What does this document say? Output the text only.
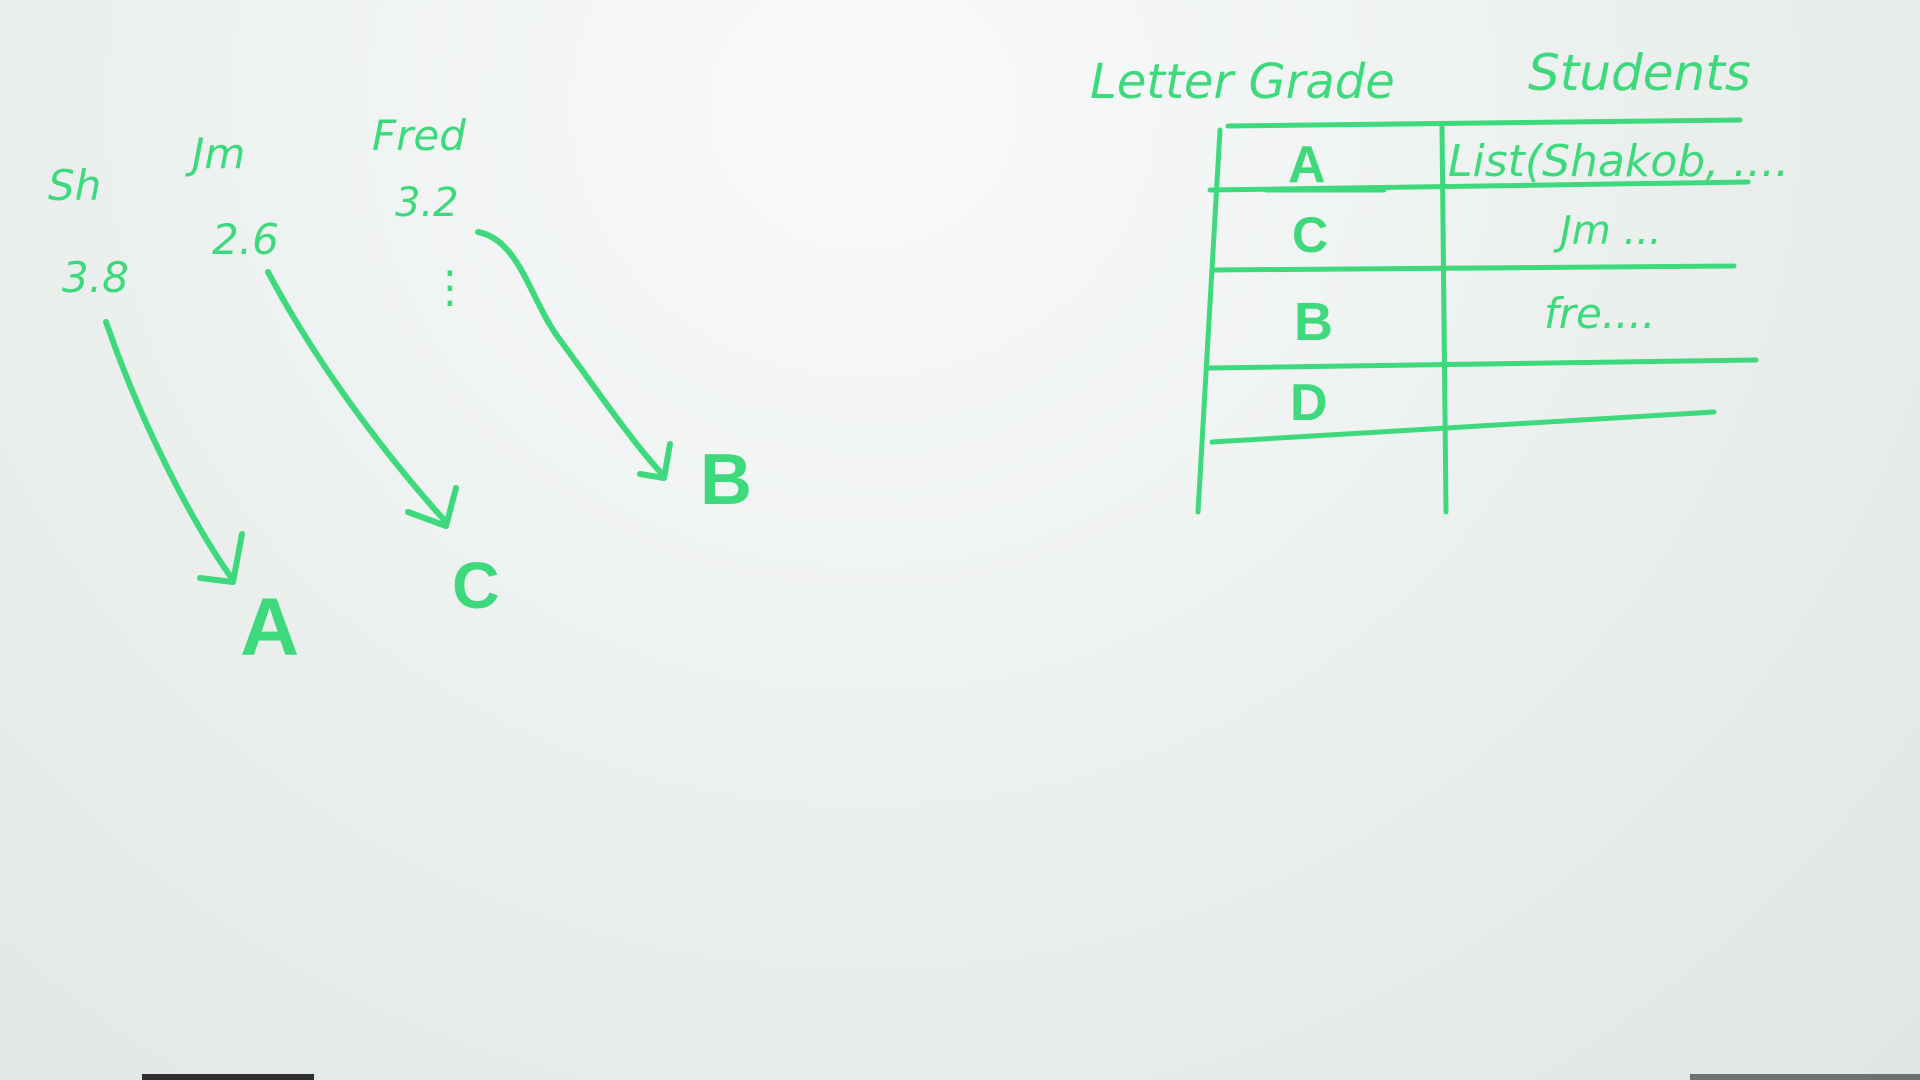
Sh
Jm	Fred
3.8
2.6
3.2
⋮
A C
B
Letter Grade	Students
A
C
B
D
List(Shakob, ....
Jm ...
fre....
